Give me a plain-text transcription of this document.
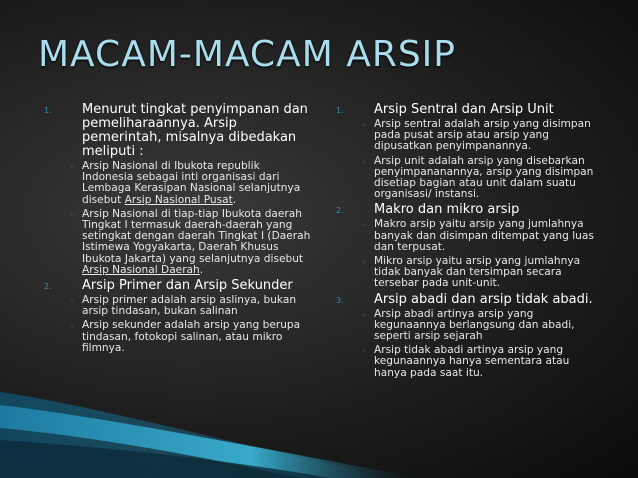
MACAM-MACAM ARSIP
1. Menurut tingkat penyimpanan dan pemeliharaannya. Arsip pemerintah, misalnya dibedakan meliputi :
◦ Arsip Nasional di Ibukota republik Indonesia sebagai inti organisasi dari Lembaga Kerasipan Nasional selanjutnya disebut Arsip Nasional Pusat.
◦ Arsip Nasional di tiap-tiap Ibukota daerah Tingkat I termasuk daerah-daerah yang setingkat dengan daerah Tingkat I (Daerah Istimewa Yogyakarta, Daerah Khusus Ibukota Jakarta) yang selanjutnya disebut Arsip Nasional Daerah.
2. Arsip Primer dan Arsip Sekunder
◦ Arsip primer adalah arsip aslinya, bukan arsip tindasan, bukan salinan
◦ Arsip sekunder adalah arsip yang berupa tindasan, fotokopi salinan, atau mikro filmnya.
1. Arsip Sentral dan Arsip Unit
◦ Arsip sentral adalah arsip yang disimpan pada pusat arsip atau arsip yang dipusatkan penyimpanannya.
◦ Arsip unit adalah arsip yang disebarkan penyimpananannya, arsip yang disimpan disetiap bagian atau unit dalam suatu organisasi/ instansi.
2. Makro dan mikro arsip
◦ Makro arsip yaitu arsip yang jumlahnya banyak dan disimpan ditempat yang luas dan terpusat.
◦ Mikro arsip yaitu arsip yang jumlahnya tidak banyak dan tersimpan secara tersebar pada unit-unit.
3. Arsip abadi dan arsip tidak abadi.
◦ Arsip abadi artinya arsip yang kegunaannya berlangsung dan abadi, seperti arsip sejarah
◦ Arsip tidak abadi artinya arsip yang kegunaannya hanya sementara atau hanya pada saat itu.
